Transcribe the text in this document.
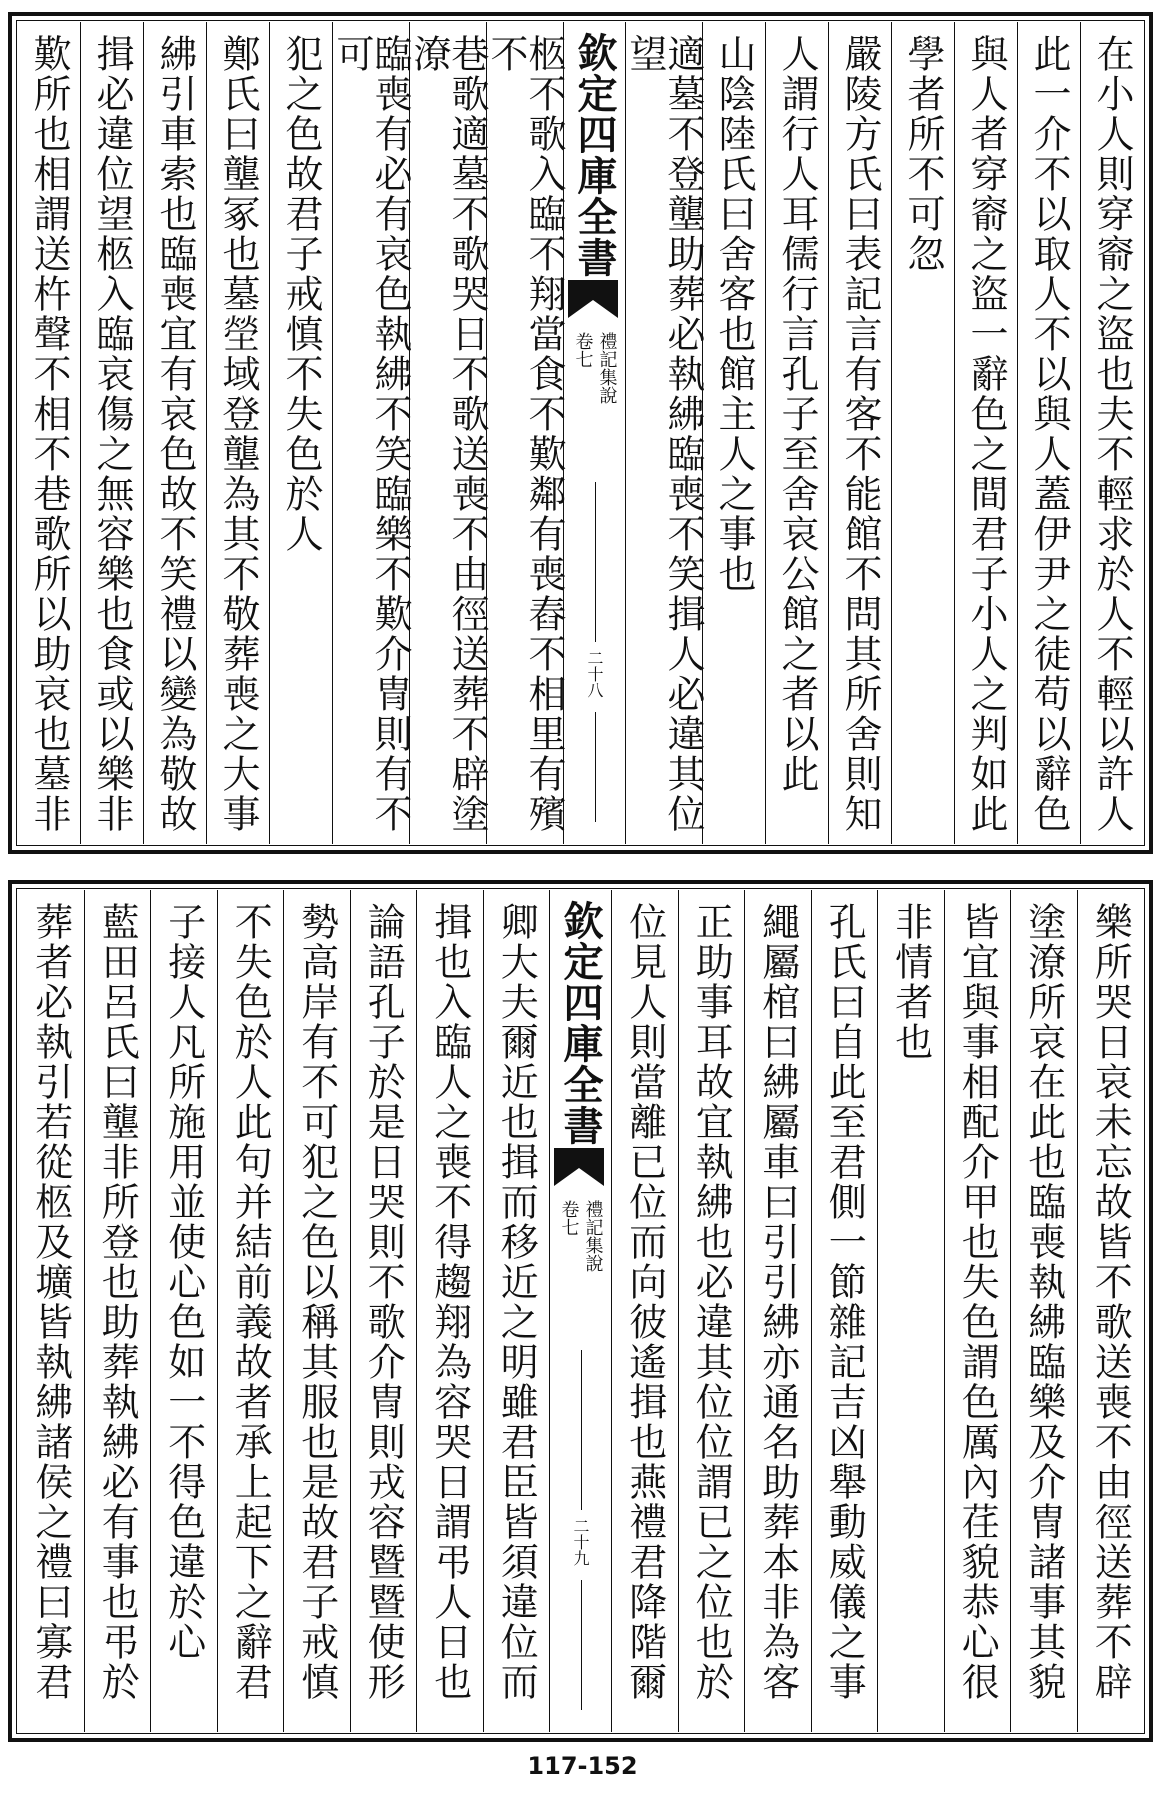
在小人則穿窬之盜也夫不輕求於人不輕以許人
此一介不以取人不以與人蓋伊尹之徒苟以辭色
與人者穿窬之盜一辭色之間君子小人之判如此
學者所不可忽
嚴陵方氏曰表記言有客不能館不問其所舍則知
人謂行人耳儒行言孔子至舍哀公館之者以此
山陰陸氏曰舍客也館主人之事也
適墓不登壟助葬必執紼臨喪不笑揖人必違其位望
欽定四庫全書
禮記集說
卷七
二十八
柩不歌入臨不翔當食不歎鄰有喪舂不相里有殯不
巷歌適墓不歌哭日不歌送喪不由徑送葬不辟塗潦
臨喪有必有哀色執紼不笑臨樂不歎介冑則有不可
犯之色故君子戒慎不失色於人
鄭氏曰壟冢也墓塋域登壟為其不敬葬喪之大事
紼引車索也臨喪宜有哀色故不笑禮以變為敬故
揖必違位望柩入臨哀傷之無容樂也食或以樂非
歎所也相謂送杵聲不相不巷歌所以助哀也墓非
樂所哭日哀未忘故皆不歌送喪不由徑送葬不辟
塗潦所哀在此也臨喪執紼臨樂及介冑諸事其貌
皆宜與事相配介甲也失色謂色厲內荏貌恭心很
非情者也
孔氏曰自此至君側一節雜記吉凶舉動威儀之事
繩屬棺曰紼屬車曰引引紼亦通名助葬本非為客
正助事耳故宜執紼也必違其位位謂已之位也於
位見人則當離已位而向彼遙揖也燕禮君降階爾
欽定四庫全書
禮記集說
卷七
二十九
卿大夫爾近也揖而移近之明雖君臣皆須違位而
揖也入臨人之喪不得趨翔為容哭日謂弔人日也
論語孔子於是日哭則不歌介冑則戎容暨暨使形
勢高岸有不可犯之色以稱其服也是故君子戒慎
不失色於人此句并結前義故者承上起下之辭君
子接人凡所施用並使心色如一不得色違於心
藍田呂氏曰壟非所登也助葬執紼必有事也弔於
葬者必執引若從柩及壙皆執紼諸侯之禮曰寡君
117-152
